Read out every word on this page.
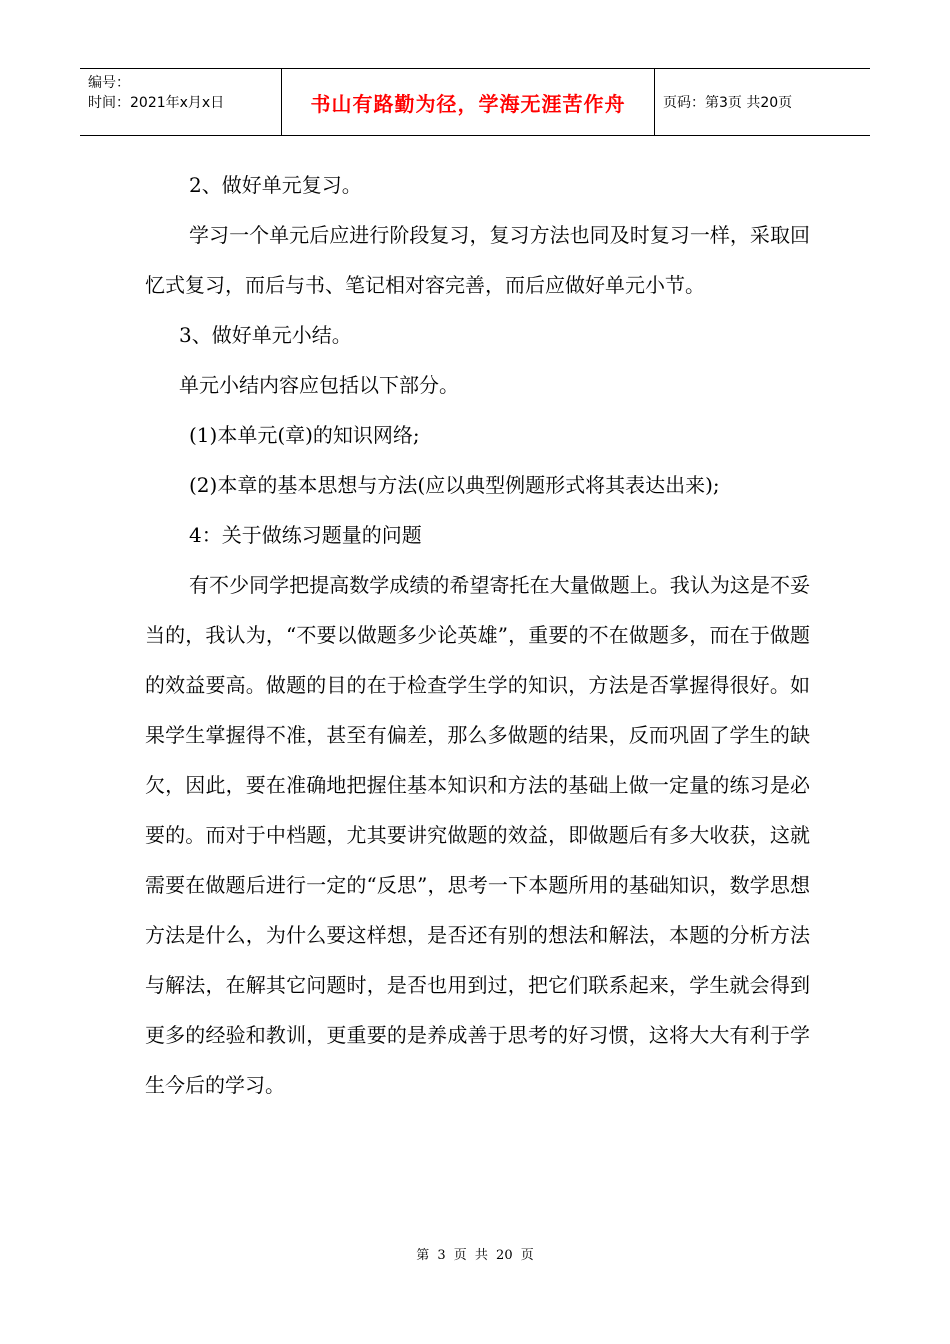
编号：
时间：2021年x月x日	书山有路勤为径，学海无涯苦作舟	页码：第3页 共20页

2、做好单元复习。

学习一个单元后应进行阶段复习，复习方法也同及时复习一样，采取回忆式复习，而后与书、笔记相对容完善，而后应做好单元小节。

3、做好单元小结。

单元小结内容应包括以下部分。

(1)本单元(章)的知识网络;

(2)本章的基本思想与方法(应以典型例题形式将其表达出来);

4：关于做练习题量的问题

有不少同学把提高数学成绩的希望寄托在大量做题上。我认为这是不妥当的，我认为，“不要以做题多少论英雄”，重要的不在做题多，而在于做题的效益要高。做题的目的在于检查学生学的知识，方法是否掌握得很好。如果学生掌握得不准，甚至有偏差，那么多做题的结果，反而巩固了学生的缺欠，因此，要在准确地把握住基本知识和方法的基础上做一定量的练习是必要的。而对于中档题，尤其要讲究做题的效益，即做题后有多大收获，这就需要在做题后进行一定的“反思”，思考一下本题所用的基础知识，数学思想方法是什么，为什么要这样想，是否还有别的想法和解法，本题的分析方法与解法，在解其它问题时，是否也用到过，把它们联系起来，学生就会得到更多的经验和教训，更重要的是养成善于思考的好习惯，这将大大有利于学生今后的学习。

第 3 页 共 20 页
